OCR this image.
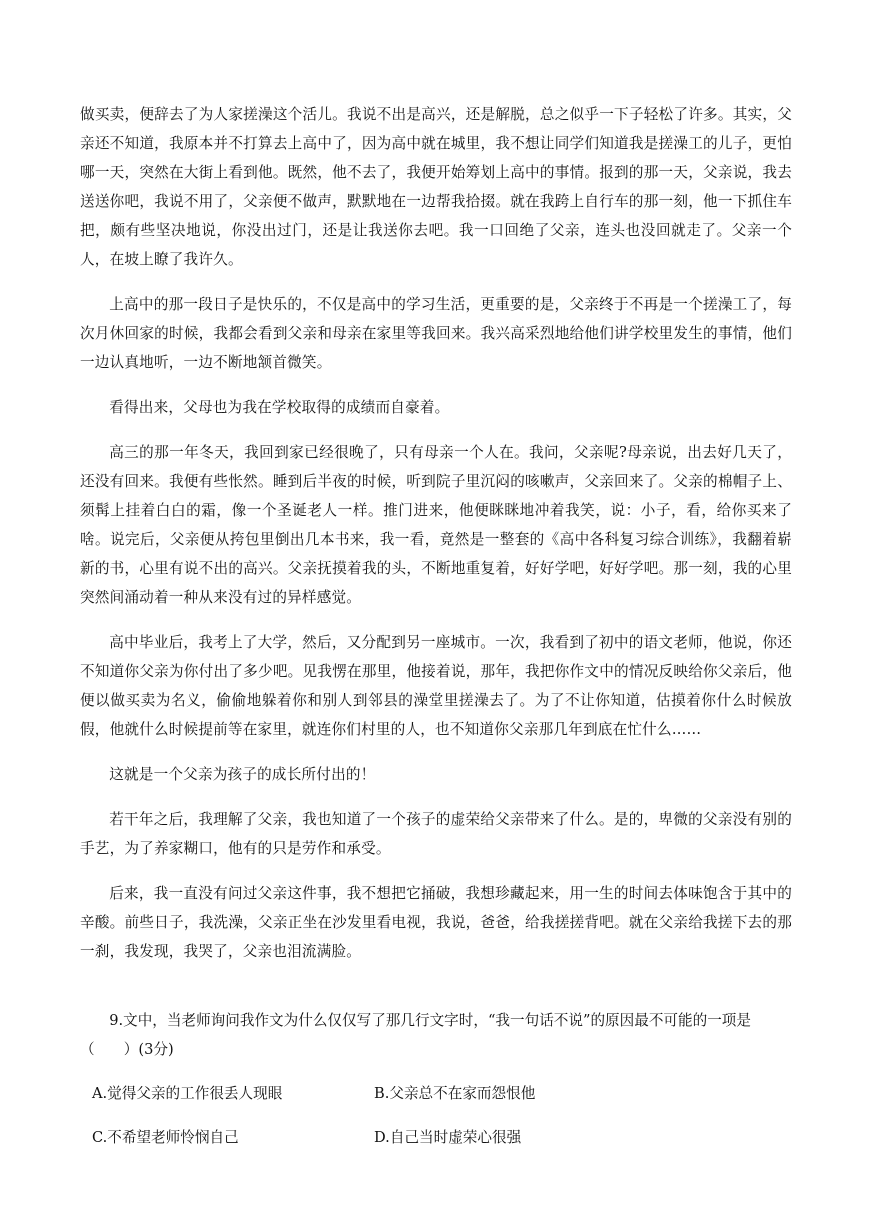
做买卖，便辞去了为人家搓澡这个活儿。我说不出是高兴，还是解脱，总之似乎一下子轻松了许多。其实，父亲还不知道，我原本并不打算去上高中了，因为高中就在城里，我不想让同学们知道我是搓澡工的儿子，更怕哪一天，突然在大街上看到他。既然，他不去了，我便开始筹划上高中的事情。报到的那一天，父亲说，我去送送你吧，我说不用了，父亲便不做声，默默地在一边帮我拾掇。就在我跨上自行车的那一刻，他一下抓住车把，颇有些坚决地说，你没出过门，还是让我送你去吧。我一口回绝了父亲，连头也没回就走了。父亲一个人，在坡上瞭了我许久。

上高中的那一段日子是快乐的，不仅是高中的学习生活，更重要的是，父亲终于不再是一个搓澡工了，每次月休回家的时候，我都会看到父亲和母亲在家里等我回来。我兴高采烈地给他们讲学校里发生的事情，他们一边认真地听，一边不断地颔首微笑。

看得出来，父母也为我在学校取得的成绩而自豪着。

高三的那一年冬天，我回到家已经很晚了，只有母亲一个人在。我问，父亲呢?母亲说，出去好几天了，还没有回来。我便有些怅然。睡到后半夜的时候，听到院子里沉闷的咳嗽声，父亲回来了。父亲的棉帽子上、须髯上挂着白白的霜，像一个圣诞老人一样。推门进来，他便眯眯地冲着我笑，说：小子，看，给你买来了啥。说完后，父亲便从挎包里倒出几本书来，我一看，竟然是一整套的《高中各科复习综合训练》，我翻着崭新的书，心里有说不出的高兴。父亲抚摸着我的头，不断地重复着，好好学吧，好好学吧。那一刻，我的心里突然间涌动着一种从来没有过的异样感觉。

高中毕业后，我考上了大学，然后，又分配到另一座城市。一次，我看到了初中的语文老师，他说，你还不知道你父亲为你付出了多少吧。见我愣在那里，他接着说，那年，我把你作文中的情况反映给你父亲后，他便以做买卖为名义，偷偷地躲着你和别人到邻县的澡堂里搓澡去了。为了不让你知道，估摸着你什么时候放假，他就什么时候提前等在家里，就连你们村里的人，也不知道你父亲那几年到底在忙什么……

这就是一个父亲为孩子的成长所付出的！

若干年之后，我理解了父亲，我也知道了一个孩子的虚荣给父亲带来了什么。是的，卑微的父亲没有别的手艺，为了养家糊口，他有的只是劳作和承受。

后来，我一直没有问过父亲这件事，我不想把它捅破，我想珍藏起来，用一生的时间去体味饱含于其中的辛酸。前些日子，我洗澡，父亲正坐在沙发里看电视，我说，爸爸，给我搓搓背吧。就在父亲给我搓下去的那一刹，我发现，我哭了，父亲也泪流满脸。

9.文中，当老师询问我作文为什么仅仅写了那几行文字时，“我一句话不说”的原因最不可能的一项是（　　）(3分)
A.觉得父亲的工作很丢人现眼	B.父亲总不在家而怨恨他
C.不希望老师怜悯自己	D.自己当时虚荣心很强
